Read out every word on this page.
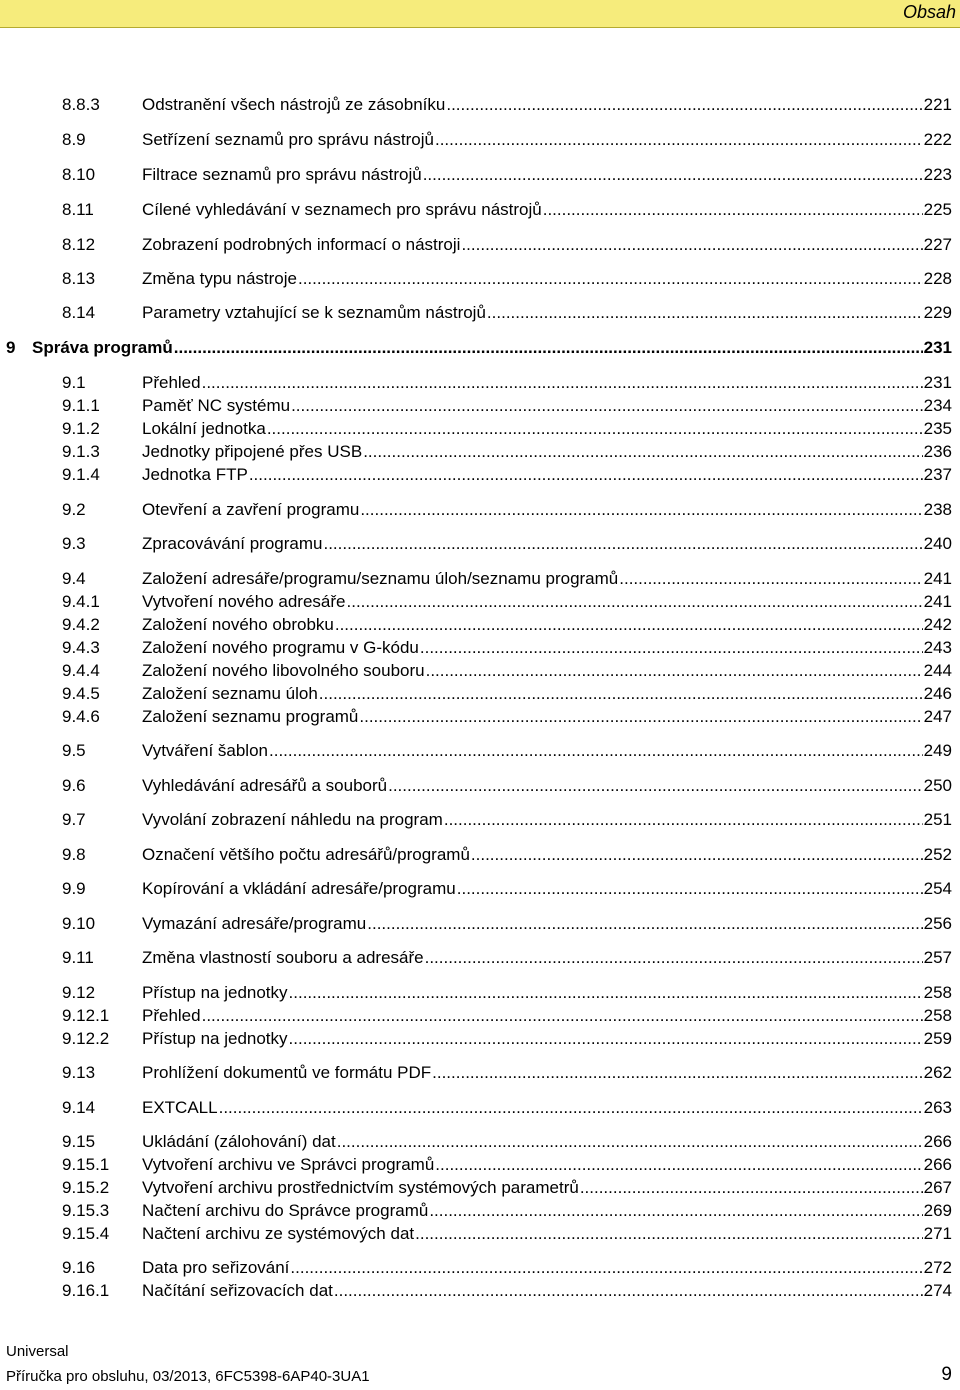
Obsah
8.8.3 Odstranění všech nástrojů ze zásobníku .....	221
8.9	Setřízení seznamů pro správu nástrojů .....	222
8.10	Filtrace seznamů pro správu nástrojů .....	223
8.11	Cílené vyhledávání v seznamech pro správu nástrojů .....	225
8.12	Zobrazení podrobných informací o nástroji .....	227
8.13	Změna typu nástroje .....	228
8.14	Parametry vztahující se k seznamům nástrojů .....	229
9 Správa programů .....	231
9.1	Přehled .....	231
9.1.1 Paměť NC systému .....	234
9.1.2 Lokální jednotka .....	235
9.1.3 Jednotky připojené přes USB .....	236
9.1.4 Jednotka FTP .....	237
9.2	Otevření a zavření programu .....	238
9.3	Zpracovávání programu .....	240
9.4	Založení adresáře/programu/seznamu úloh/seznamu programů .....	241
9.4.1 Vytvoření nového adresáře .....	241
9.4.2 Založení nového obrobku .....	242
9.4.3 Založení nového programu v G-kódu .....	243
9.4.4 Založení nového libovolného souboru .....	244
9.4.5 Založení seznamu úloh .....	246
9.4.6 Založení seznamu programů .....	247
9.5	Vytváření šablon .....	249
9.6	Vyhledávání adresářů a souborů .....	250
9.7	Vyvolání zobrazení náhledu na program .....	251
9.8	Označení většího počtu adresářů/programů .....	252
9.9	Kopírování a vkládání adresáře/programu .....	254
9.10	Vymazání adresáře/programu .....	256
9.11	Změna vlastností souboru a adresáře .....	257
9.12	Přístup na jednotky .....	258
9.12.1 Přehled .....	258
9.12.2 Přístup na jednotky .....	259
9.13	Prohlížení dokumentů ve formátu PDF .....	262
9.14	EXTCALL .....	263
9.15	Ukládání (zálohování) dat .....	266
9.15.1 Vytvoření archivu ve Správci programů .....	266
9.15.2 Vytvoření archivu prostřednictvím systémových parametrů .....	267
9.15.3 Načtení archivu do Správce programů .....	269
9.15.4 Načtení archivu ze systémových dat .....	271
9.16	Data pro seřizování .....	272
9.16.1 Načítání seřizovacích dat .....	274
Universal
Příručka pro obsluhu, 03/2013, 6FC5398-6AP40-3UA1	9
